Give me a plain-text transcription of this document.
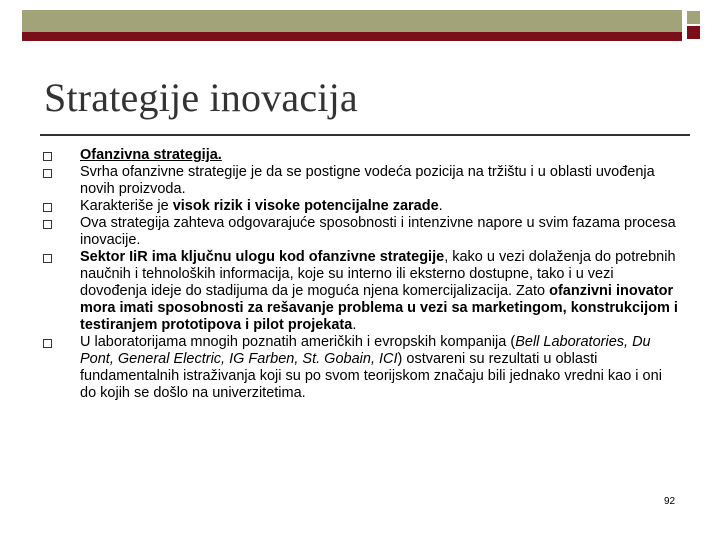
Strategije inovacija
Ofanzivna strategija.
Svrha ofanzivne strategije je da se postigne vodeća pozicija na tržištu i u oblasti uvođenja novih proizvoda.
Karakteriše je visok rizik i visoke potencijalne zarade.
Ova strategija zahteva odgovarajuće sposobnosti i intenzivne napore u svim fazama procesa inovacije.
Sektor IiR ima ključnu ulogu kod ofanzivne strategije, kako u vezi dolaženja do potrebnih naučnih i tehnoloških informacija, koje su interno ili eksterno dostupne, tako i u vezi dovođenja ideje do stadijuma da je moguća njena komercijalizacija. Zato ofanzivni inovator mora imati sposobnosti za rešavanje problema u vezi sa marketingom, konstrukcijom i testiranjem prototipova i pilot projekata.
U laboratorijama mnogih poznatih američkih i evropskih kompanija (Bell Laboratories, Du Pont, General Electric, IG Farben, St. Gobain, ICI) ostvareni su rezultati u oblasti fundamentalnih istraživanja koji su po svom teorijskom značaju bili jednako vredni kao i oni do kojih se došlo na univerzitetima.
92
